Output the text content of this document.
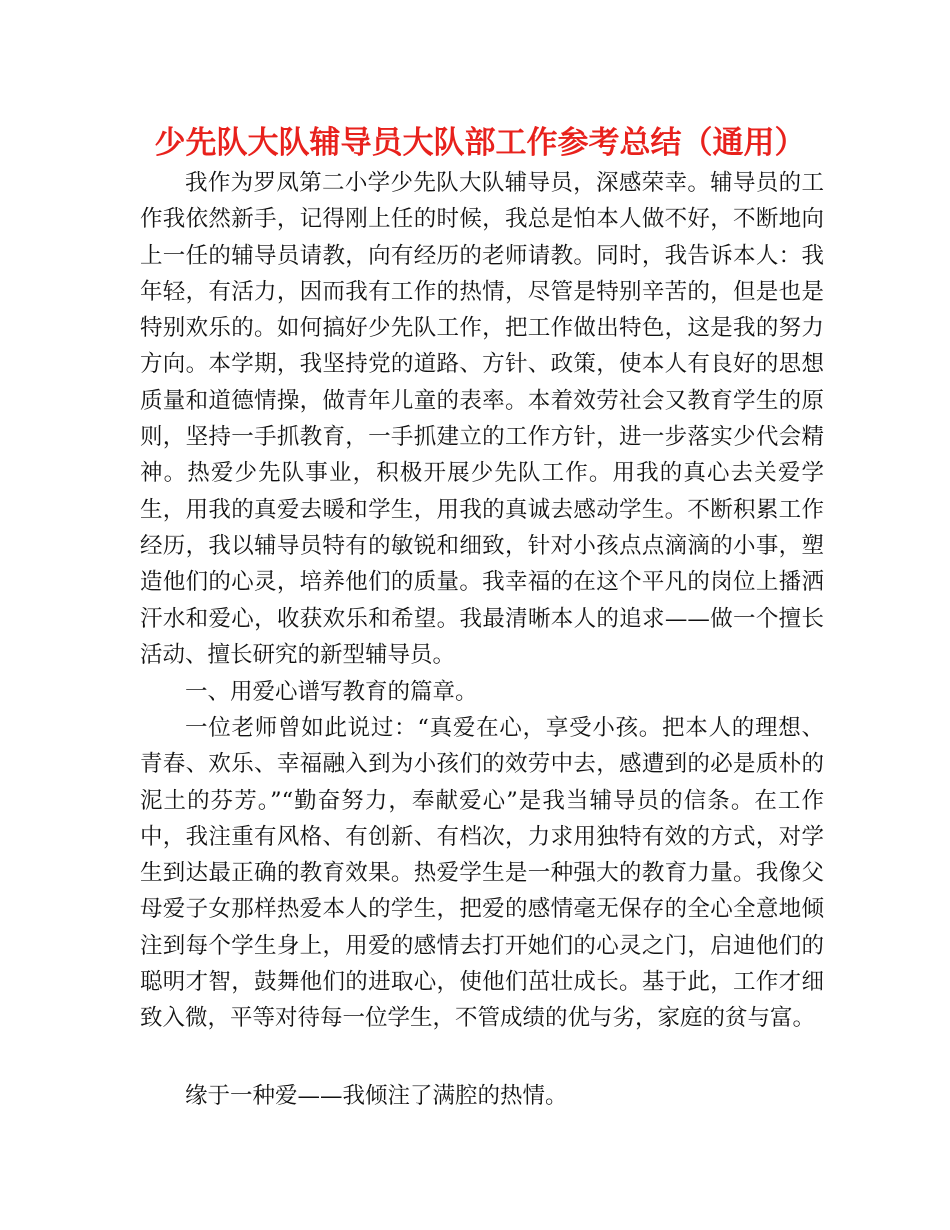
少先队大队辅导员大队部工作参考总结（通用）

我作为罗凤第二小学少先队大队辅导员，深感荣幸。辅导员的工作我依然新手，记得刚上任的时候，我总是怕本人做不好，不断地向上一任的辅导员请教，向有经历的老师请教。同时，我告诉本人：我年轻，有活力，因而我有工作的热情，尽管是特别辛苦的，但是也是特别欢乐的。如何搞好少先队工作，把工作做出特色，这是我的努力方向。本学期，我坚持党的道路、方针、政策，使本人有良好的思想质量和道德情操，做青年儿童的表率。本着效劳社会又教育学生的原则，坚持一手抓教育，一手抓建立的工作方针，进一步落实少代会精神。热爱少先队事业，积极开展少先队工作。用我的真心去关爱学生，用我的真爱去暖和学生，用我的真诚去感动学生。不断积累工作经历，我以辅导员特有的敏锐和细致，针对小孩点点滴滴的小事，塑造他们的心灵，培养他们的质量。我幸福的在这个平凡的岗位上播洒汗水和爱心，收获欢乐和希望。我最清晰本人的追求——做一个擅长活动、擅长研究的新型辅导员。

一、用爱心谱写教育的篇章。

一位老师曾如此说过：“真爱在心，享受小孩。把本人的理想、青春、欢乐、幸福融入到为小孩们的效劳中去，感遭到的必是质朴的泥土的芬芳。”“勤奋努力，奉献爱心”是我当辅导员的信条。在工作中，我注重有风格、有创新、有档次，力求用独特有效的方式，对学生到达最正确的教育效果。热爱学生是一种强大的教育力量。我像父母爱子女那样热爱本人的学生，把爱的感情毫无保存的全心全意地倾注到每个学生身上，用爱的感情去打开她们的心灵之门，启迪他们的聪明才智，鼓舞他们的进取心，使他们茁壮成长。基于此，工作才细致入微，平等对待每一位学生，不管成绩的优与劣，家庭的贫与富。

缘于一种爱——我倾注了满腔的热情。
